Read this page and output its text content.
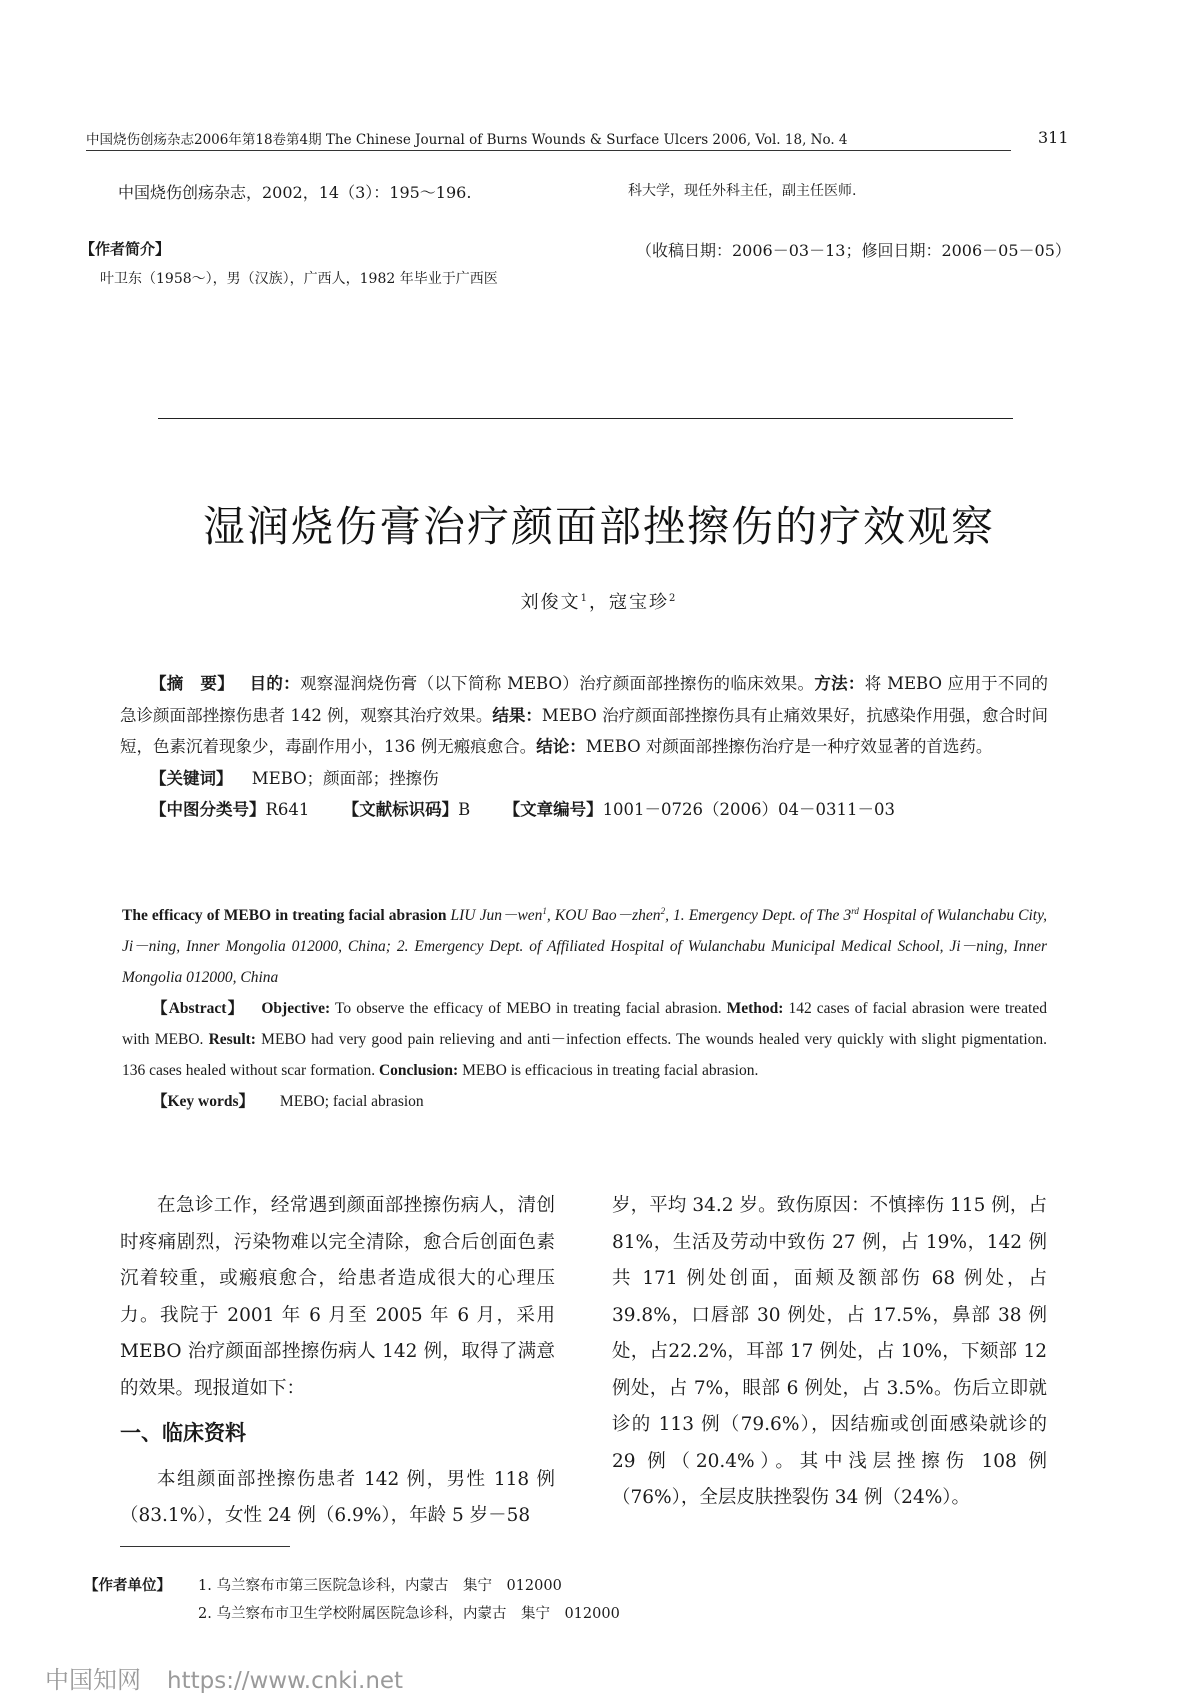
中国烧伤创疡杂志2006年第18卷第4期 The Chinese Journal of Burns Wounds & Surface Ulcers 2006, Vol. 18, No. 4	311
中国烧伤创疡杂志，2002，14（3）：195～196.	科大学，现任外科主任，副主任医师.
【作者简介】	（收稿日期：2006－03－13；修回日期：2006－05－05）
叶卫东（1958～），男（汉族），广西人，1982 年毕业于广西医
湿润烧伤膏治疗颜面部挫擦伤的疗效观察
刘俊文$^1$，寇宝珍$^2$

【摘　要】 目的：观察湿润烧伤膏（以下简称 MEBO）治疗颜面部挫擦伤的临床效果。方法：将 MEBO 应用于不同的急诊颜面部挫擦伤患者 142 例，观察其治疗效果。结果：MEBO 治疗颜面部挫擦伤具有止痛效果好，抗感染作用强，愈合时间短，色素沉着现象少，毒副作用小，136 例无瘢痕愈合。结论：MEBO 对颜面部挫擦伤治疗是一种疗效显著的首选药。

【关键词】 MEBO；颜面部；挫擦伤

【中图分类号】R641 【文献标识码】B 【文章编号】1001－0726（2006）04－0311－03

The efficacy of MEBO in treating facial abrasion LIU Jun－wen$^1$, KOU Bao－zhen$^2$, 1. Emergency Dept. of The 3rd Hospital of Wulanchabu City, Ji－ning, Inner Mongolia 012000, China; 2. Emergency Dept. of Affiliated Hospital of Wulanchabu Municipal Medical School, Ji－ning, Inner Mongolia 012000, China

【Abstract】 Objective: To observe the efficacy of MEBO in treating facial abrasion. Method: 142 cases of facial abrasion were treated with MEBO. Result: MEBO had very good pain relieving and anti－infection effects. The wounds healed very quickly with slight pigmentation. 136 cases healed without scar formation. Conclusion: MEBO is efficacious in treating facial abrasion.

【Key words】 MEBO; facial abrasion

在急诊工作，经常遇到颜面部挫擦伤病人，清创时疼痛剧烈，污染物难以完全清除，愈合后创面色素沉着较重，或瘢痕愈合，给患者造成很大的心理压力。我院于 2001 年 6 月至 2005 年 6 月，采用 MEBO 治疗颜面部挫擦伤病人 142 例，取得了满意的效果。现报道如下：

一、临床资料

本组颜面部挫擦伤患者 142 例，男性 118 例（83.1%），女性 24 例（6.9%），年龄 5 岁－58

岁，平均 34.2 岁。致伤原因：不慎摔伤 115 例，占81%，生活及劳动中致伤 27 例，占 19%，142 例共 171 例处创面，面颊及额部伤 68 例处，占 39.8%，口唇部 30 例处，占 17.5%，鼻部 38 例处，占22.2%，耳部 17 例处，占 10%，下颏部 12 例处，占 7%，眼部 6 例处，占 3.5%。伤后立即就诊的 113 例（79.6%），因结痂或创面感染就诊的 29 例（20.4%）。其中浅层挫擦伤 108 例（76%），全层皮肤挫裂伤 34 例（24%）。

【作者单位】 1. 乌兰察布市第三医院急诊科，内蒙古　集宁　012000
2. 乌兰察布市卫生学校附属医院急诊科，内蒙古　集宁　012000
中国知网 https://www.cnki.net
